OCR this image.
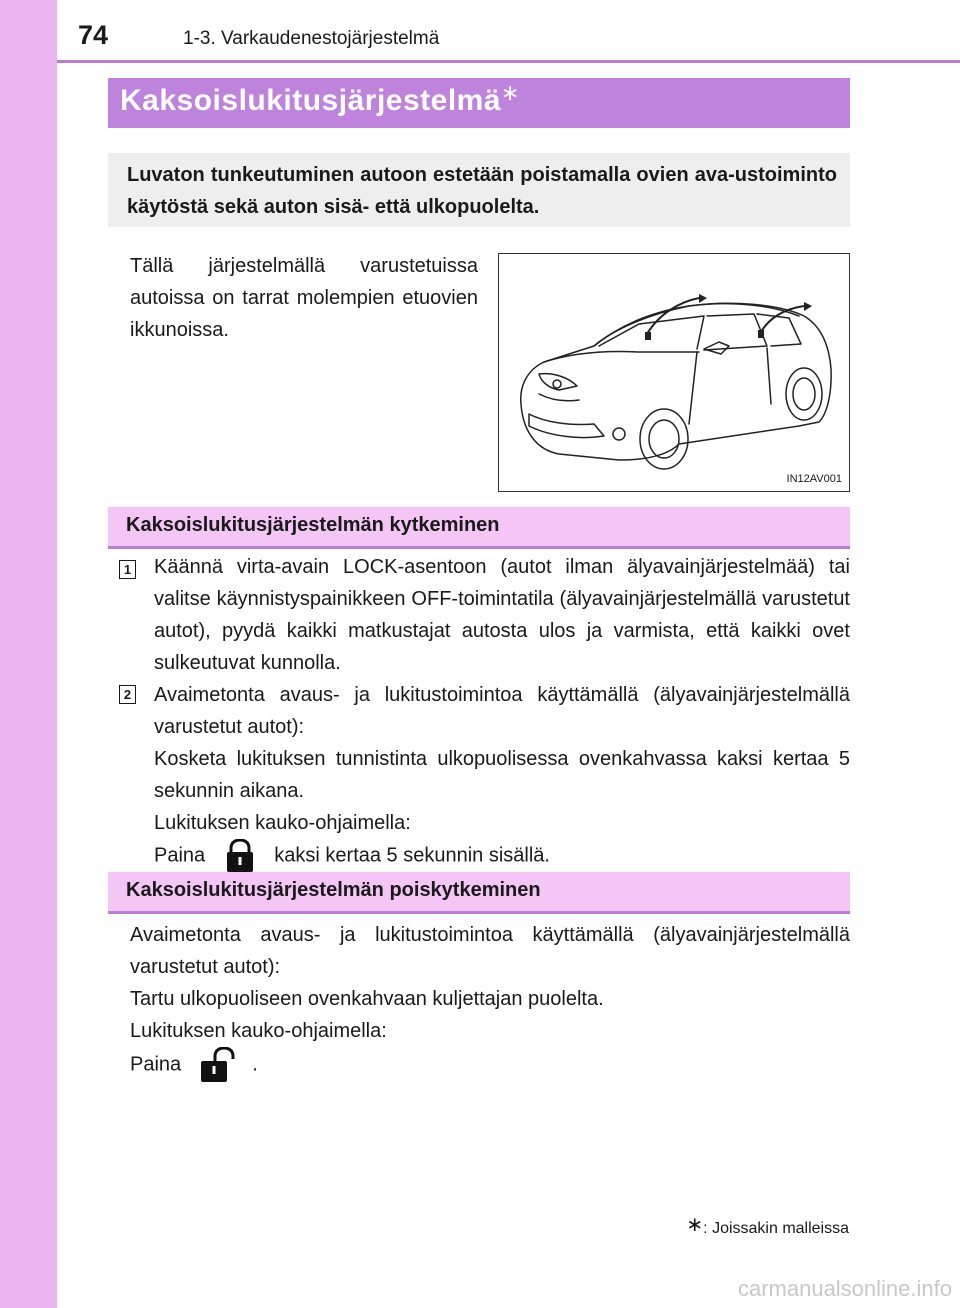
74	1-3. Varkaudenestojärjestelmä
Kaksoislukitusjärjestelmä∗
Luvaton tunkeutuminen autoon estetään poistamalla ovien ava-ustoiminto käytöstä sekä auton sisä- että ulkopuolelta.
Tällä järjestelmällä varustetuissa autoissa on tarrat molempien etuovien ikkunoissa.
IN12AV001
Kaksoislukitusjärjestelmän kytkeminen
1 Käännä virta-avain LOCK-asentoon (autot ilman älyavainjärjestelmää) tai valitse käynnistyspainikkeen OFF-toimintatila (älyavainjärjestelmällä varustetut autot), pyydä kaikki matkustajat autosta ulos ja varmista, että kaikki ovet sulkeutuvat kunnolla.
2 Avaimetonta avaus- ja lukitustoimintoa käyttämällä (älyavainjärjestelmällä varustetut autot):
Kosketa lukituksen tunnistinta ulkopuolisessa ovenkahvassa kaksi kertaa 5 sekunnin aikana.
Lukituksen kauko-ohjaimella:
Paina	kaksi kertaa 5 sekunnin sisällä.
Kaksoislukitusjärjestelmän poiskytkeminen
Avaimetonta avaus- ja lukitustoimintoa käyttämällä (älyavainjärjestelmällä varustetut autot):
Tartu ulkopuoliseen ovenkahvaan kuljettajan puolelta.
Lukituksen kauko-ohjaimella:
Paina	.
∗: Joissakin malleissa
carmanualsonline.info
